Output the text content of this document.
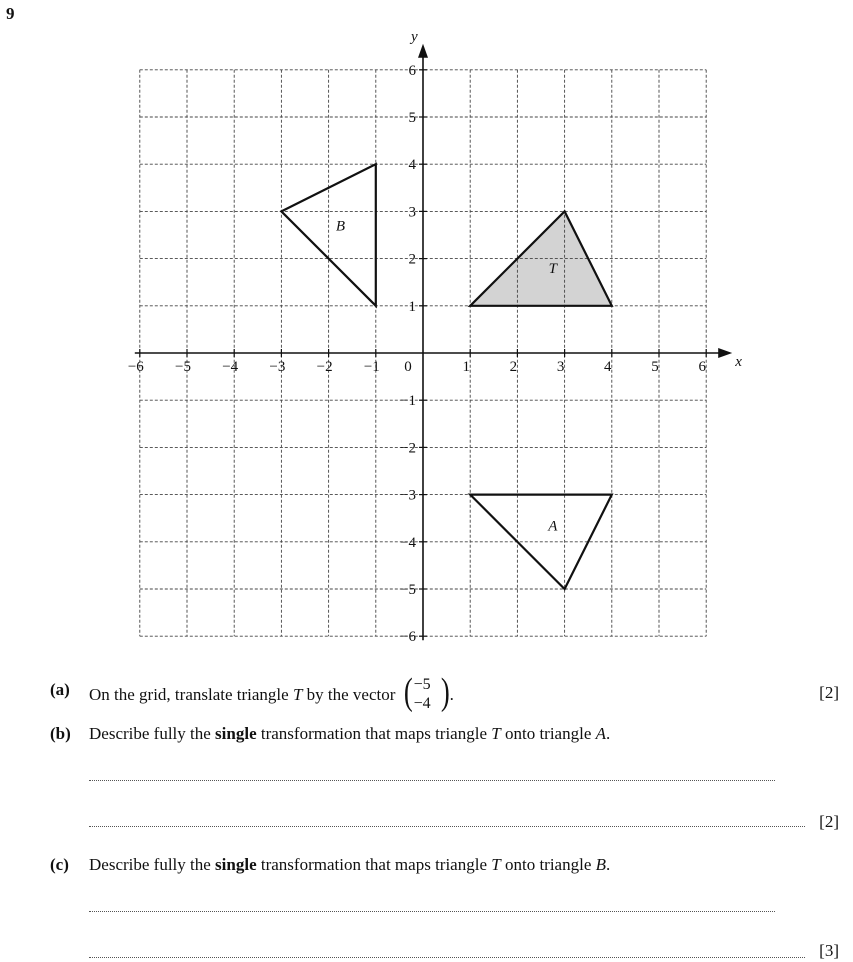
9
x
y
−6 −5 −4 −3 −2 −1 0	1	2	3	4	5	6
6
5
4
3
2
1
−1
−2
−3
−4
−5
−6
T
A
B
(a) On the grid, translate triangle T by the vector ( −5
−4 ) .	[2]
(b) Describe fully the single transformation that maps triangle T onto triangle A.
[2]
(c) Describe fully the single transformation that maps triangle T onto triangle B.
[3]
